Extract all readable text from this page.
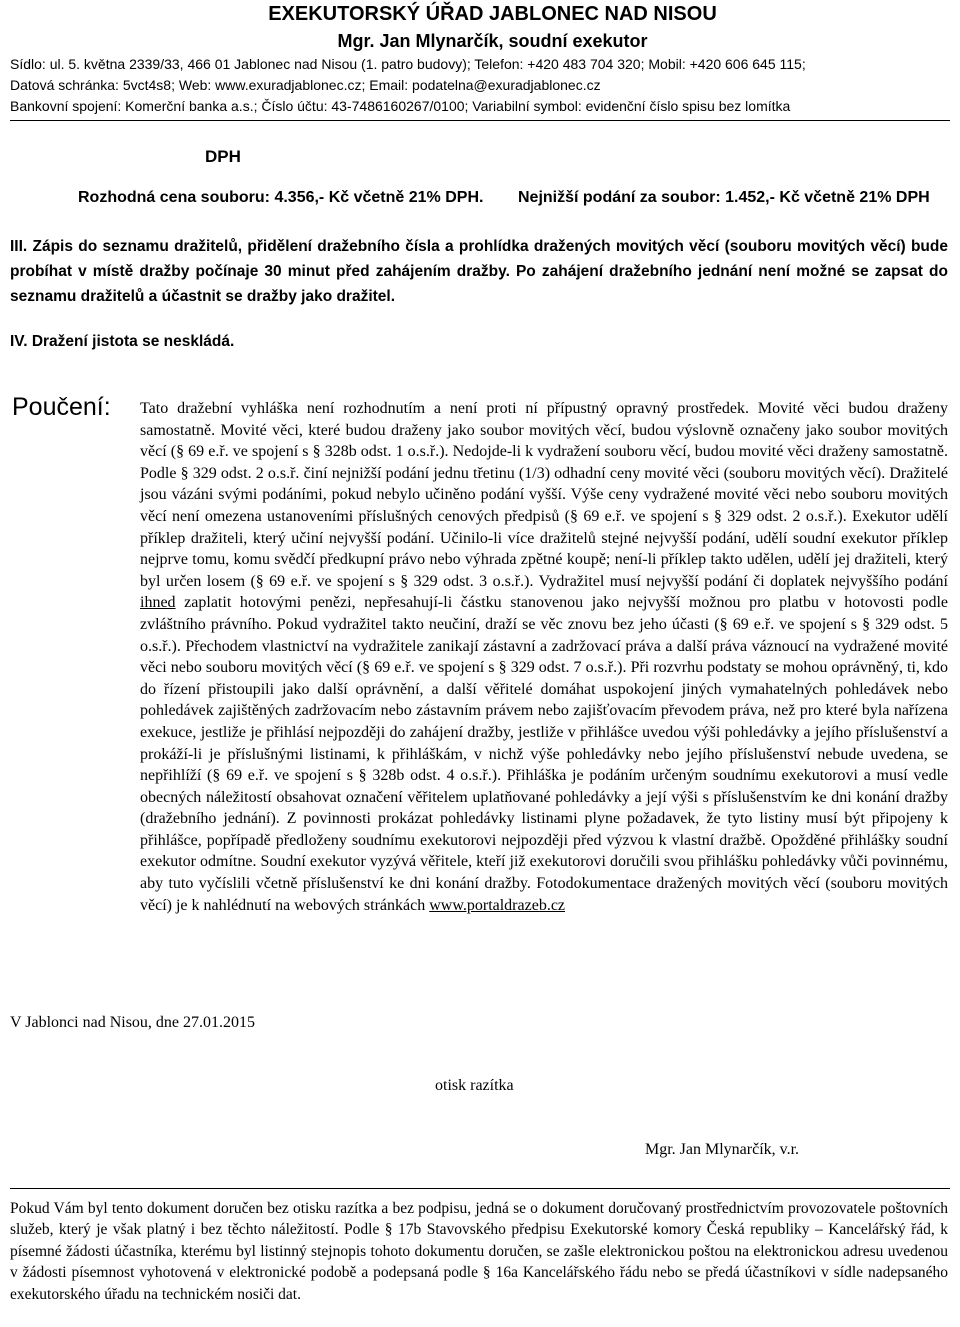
EXEKUTORSKÝ ÚŘAD JABLONEC NAD NISOU
Mgr. Jan Mlynarčík, soudní exekutor
Sídlo: ul. 5. května 2339/33, 466 01 Jablonec nad Nisou (1. patro budovy); Telefon: +420 483 704 320; Mobil: +420 606 645 115;
Datová schránka: 5vct4s8; Web: www.exuradjablonec.cz; Email: podatelna@exuradjablonec.cz
Bankovní spojení: Komerční banka a.s.; Číslo účtu: 43-7486160267/0100; Variabilní symbol: evidenční číslo spisu bez lomítka
DPH
Rozhodná cena souboru: 4.356,- Kč včetně 21% DPH. Nejnižší podání za soubor: 1.452,- Kč včetně 21% DPH
III. Zápis do seznamu dražitelů, přidělení dražebního čísla a prohlídka dražených movitých věcí (souboru movitých věcí) bude probíhat v místě dražby počínaje 30 minut před zahájením dražby. Po zahájení dražebního jednání není možné se zapsat do seznamu dražitelů a účastnit se dražby jako dražitel.
IV. Dražení jistota se neskládá.
Poučení: Tato dražební vyhláška není rozhodnutím a není proti ní přípustný opravný prostředek. Movité věci budou draženy samostatně. Movité věci, které budou draženy jako soubor movitých věcí, budou výslovně označeny jako soubor movitých věcí (§ 69 e.ř. ve spojení s § 328b odst. 1 o.s.ř.). Nedojde-li k vydražení souboru věcí, budou movité věci draženy samostatně. Podle § 329 odst. 2 o.s.ř. činí nejnižší podání jednu třetinu (1/3) odhadní ceny movité věci (souboru movitých věcí). Dražitelé jsou vázáni svými podáními, pokud nebylo učiněno podání vyšší. Výše ceny vydražené movité věci nebo souboru movitých věcí není omezena ustanoveními příslušných cenových předpisů (§ 69 e.ř. ve spojení s § 329 odst. 2 o.s.ř.). Exekutor udělí příklep dražiteli, který učiní nejvyšší podání. Učinilo-li více dražitelů stejné nejvyšší podání, udělí soudní exekutor příklep nejprve tomu, komu svědčí předkupní právo nebo výhrada zpětné koupě; není-li příklep takto udělen, udělí jej dražiteli, který byl určen losem (§ 69 e.ř. ve spojení s § 329 odst. 3 o.s.ř.). Vydražitel musí nejvyšší podání či doplatek nejvyššího podání ihned zaplatit hotovými penězi, nepřesahují-li částku stanovenou jako nejvyšší možnou pro platbu v hotovosti podle zvláštního právního. Pokud vydražitel takto neučiní, draží se věc znovu bez jeho účasti (§ 69 e.ř. ve spojení s § 329 odst. 5 o.s.ř.). Přechodem vlastnictví na vydražitele zanikají zástavní a zadržovací práva a další práva váznoucí na vydražené movité věci nebo souboru movitých věcí (§ 69 e.ř. ve spojení s § 329 odst. 7 o.s.ř.). Při rozvrhu podstaty se mohou oprávněný, ti, kdo do řízení přistoupili jako další oprávnění, a další věřitelé domáhat uspokojení jiných vymahatelných pohledávek nebo pohledávek zajištěných zadržovacím nebo zástavním právem nebo zajišťovacím převodem práva, než pro které byla nařízena exekuce, jestliže je přihlásí nejpozději do zahájení dražby, jestliže v přihlášce uvedou výši pohledávky a jejího příslušenství a prokáží-li je příslušnými listinami, k přihláškám, v nichž výše pohledávky nebo jejího příslušenství nebude uvedena, se nepřihlíží (§ 69 e.ř. ve spojení s § 328b odst. 4 o.s.ř.). Přihláška je podáním určeným soudnímu exekutorovi a musí vedle obecných náležitostí obsahovat označení věřitelem uplatňované pohledávky a její výši s příslušenstvím ke dni konání dražby (dražebního jednání). Z povinnosti prokázat pohledávky listinami plyne požadavek, že tyto listiny musí být připojeny k přihlášce, popřípadě předloženy soudnímu exekutorovi nejpozději před výzvou k vlastní dražbě. Opožděné přihlášky soudní exekutor odmítne. Soudní exekutor vyzývá věřitele, kteří již exekutorovi doručili svou přihlášku pohledávky vůči povinnému, aby tuto vyčíslili včetně příslušenství ke dni konání dražby. Fotodokumentace dražených movitých věcí (souboru movitých věcí) je k nahlédnutí na webových stránkách www.portaldrazeb.cz
V Jablonci nad Nisou, dne 27.01.2015
otisk razítka
Mgr. Jan Mlynarčík, v.r.
Pokud Vám byl tento dokument doručen bez otisku razítka a bez podpisu, jedná se o dokument doručovaný prostřednictvím provozovatele poštovních služeb, který je však platný i bez těchto náležitostí. Podle § 17b Stavovského předpisu Exekutorské komory Česká republiky – Kancelářský řád, k písemné žádosti účastníka, kterému byl listinný stejnopis tohoto dokumentu doručen, se zašle elektronickou poštou na elektronickou adresu uvedenou v žádosti písemnost vyhotovená v elektronické podobě a podepsaná podle § 16a Kancelářského řádu nebo se předá účastníkovi v sídle nadepsaného exekutorského úřadu na technickém nosiči dat.
